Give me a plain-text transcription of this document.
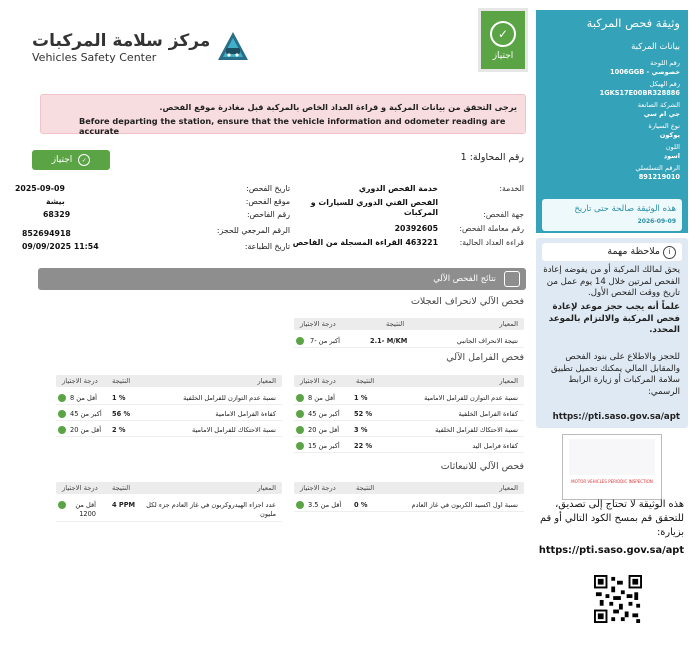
مركز سلامة المركبات
Vehicles Safety Center
✓
اجتياز
يرجى التحقق من بيانات المركبة و قراءة العداد الخاص بالمركبة قبل مغادرة موقع الفحص.
Before departing the station, ensure that the vehicle information and odometer reading are accurate
اجتياز	✓	رقم المحاولة: 1
الخدمة:
خدمة الفحص الدوري
جهة الفحص:
الفحص الفني الدوري للسيارات و المركبات
رقم معاملة الفحص:
20392605
قراءة العداد الحالية:
463221 القراءة المسجلة من الفاحص
تاريخ الفحص:
2025-09-09
موقع الفحص:
بيشة
رقم الفاحص:
68329
الرقم المرجعي للحجز:
852694918
تاريخ الطباعة:
11:54 09/09/2025
نتائج الفحص الآلي
فحص الآلي لانحراف العجلات
المعيار
النتيجة
درجة الاجتياز
نتيجة الانحراف الجانبي
2.1- M/KM
أكبر من -7
فحص الفرامل الآلي
المعيار
النتيجة
درجة الاجتياز
نسبة عدم التوازن للفرامل الامامية
1 %
أقل من 8
كفاءة الفرامل الخلفية
52 %
أكبر من 45
نسبة الاحتكاك للفرامل الخلفية
3 %
أقل من 20
كفاءة فرامل اليد
22 %
أكبر من 15
المعيار
النتيجة
درجة الاجتياز
نسبة عدم التوازن للفرامل الخلفية
1 %
أقل من 8
كفاءة الفرامل الامامية
56 %
أكبر من 45
نسبة الاحتكاك للفرامل الامامية
2 %
أقل من 20
فحص الآلي للانبعاثات
المعيار
النتيجة
درجة الاجتياز
نسبة اول اكسيد الكربون في غاز العادم
0 %
أقل من 3.5
المعيار
النتيجة
درجة الاجتياز
عدد اجزاء الهيدروكربون في غاز العادم جزء لكل مليون
4 PPM
أقل من 1200
وثيقة فحص المركبة
بيانات المركبة
رقم اللوحة
خصوصي - 1006GGB
رقم الهيكل
1GKS17E00BR328886
الشركة الصانعة
جي ام سي
نوع السيارة
يوكون
اللون
اسود
الرقم التسلسلي
891219010
هذه الوثيقة صالحة حتى تاريخ
2026-09-09
i
ملاحظة مهمة

يحق لمالك المركبة أو من يفوضه إعادة الفحص لمرتين خلال 14 يوم عمل من تاريخ ووقت الفحص الأول.

علماً أنه يجب حجز موعد لإعادة فحص المركبة والالتزام بالموعد المحدد.

للحجز والاطلاع على بنود الفحص والمقابل المالي يمكنك تحميل تطبيق سلامة المركبات أو زيارة الرابط الرسمي:

https://pti.saso.gov.sa/apt

MOTOR VEHICLES PERIODIC INSPECTION
هذه الوثيقة لا تحتاج إلى تصديق، للتحقق قم بمسح الكود التالي أو قم بزيارة:
https://pti.saso.gov.sa/apt
